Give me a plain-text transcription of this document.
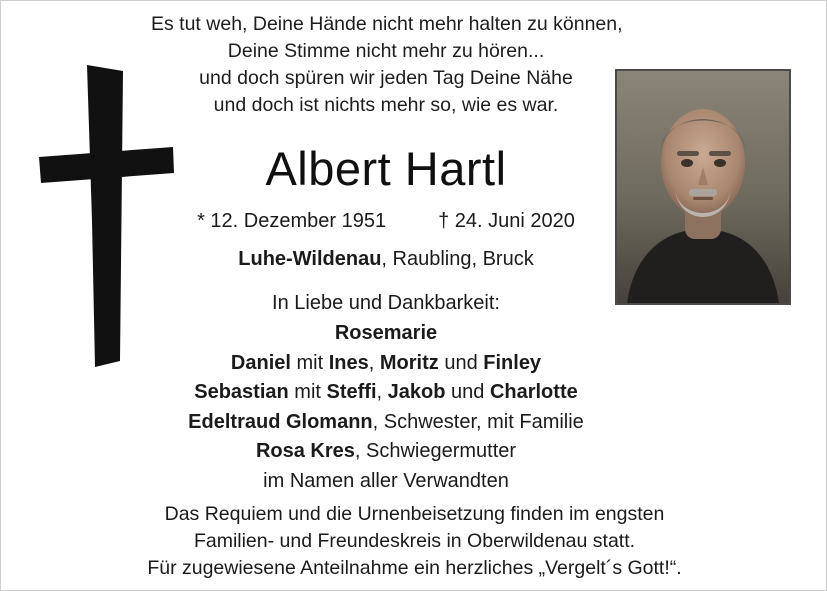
Es tut weh, Deine Hände nicht mehr halten zu können,
Deine Stimme nicht mehr zu hören...
und doch spüren wir jeden Tag Deine Nähe
und doch ist nichts mehr so, wie es war.
Albert Hartl
* 12. Dezember 1951	† 24. Juni 2020
Luhe-Wildenau, Raubling, Bruck
In Liebe und Dankbarkeit:
Rosemarie
Daniel mit Ines, Moritz und Finley
Sebastian mit Steffi, Jakob und Charlotte
Edeltraud Glomann, Schwester, mit Familie
Rosa Kres, Schwiegermutter
im Namen aller Verwandten
Das Requiem und die Urnenbeisetzung finden im engsten
Familien- und Freundeskreis in Oberwildenau statt.
Für zugewiesene Anteilnahme ein herzliches „Vergelt´s Gott!“.
